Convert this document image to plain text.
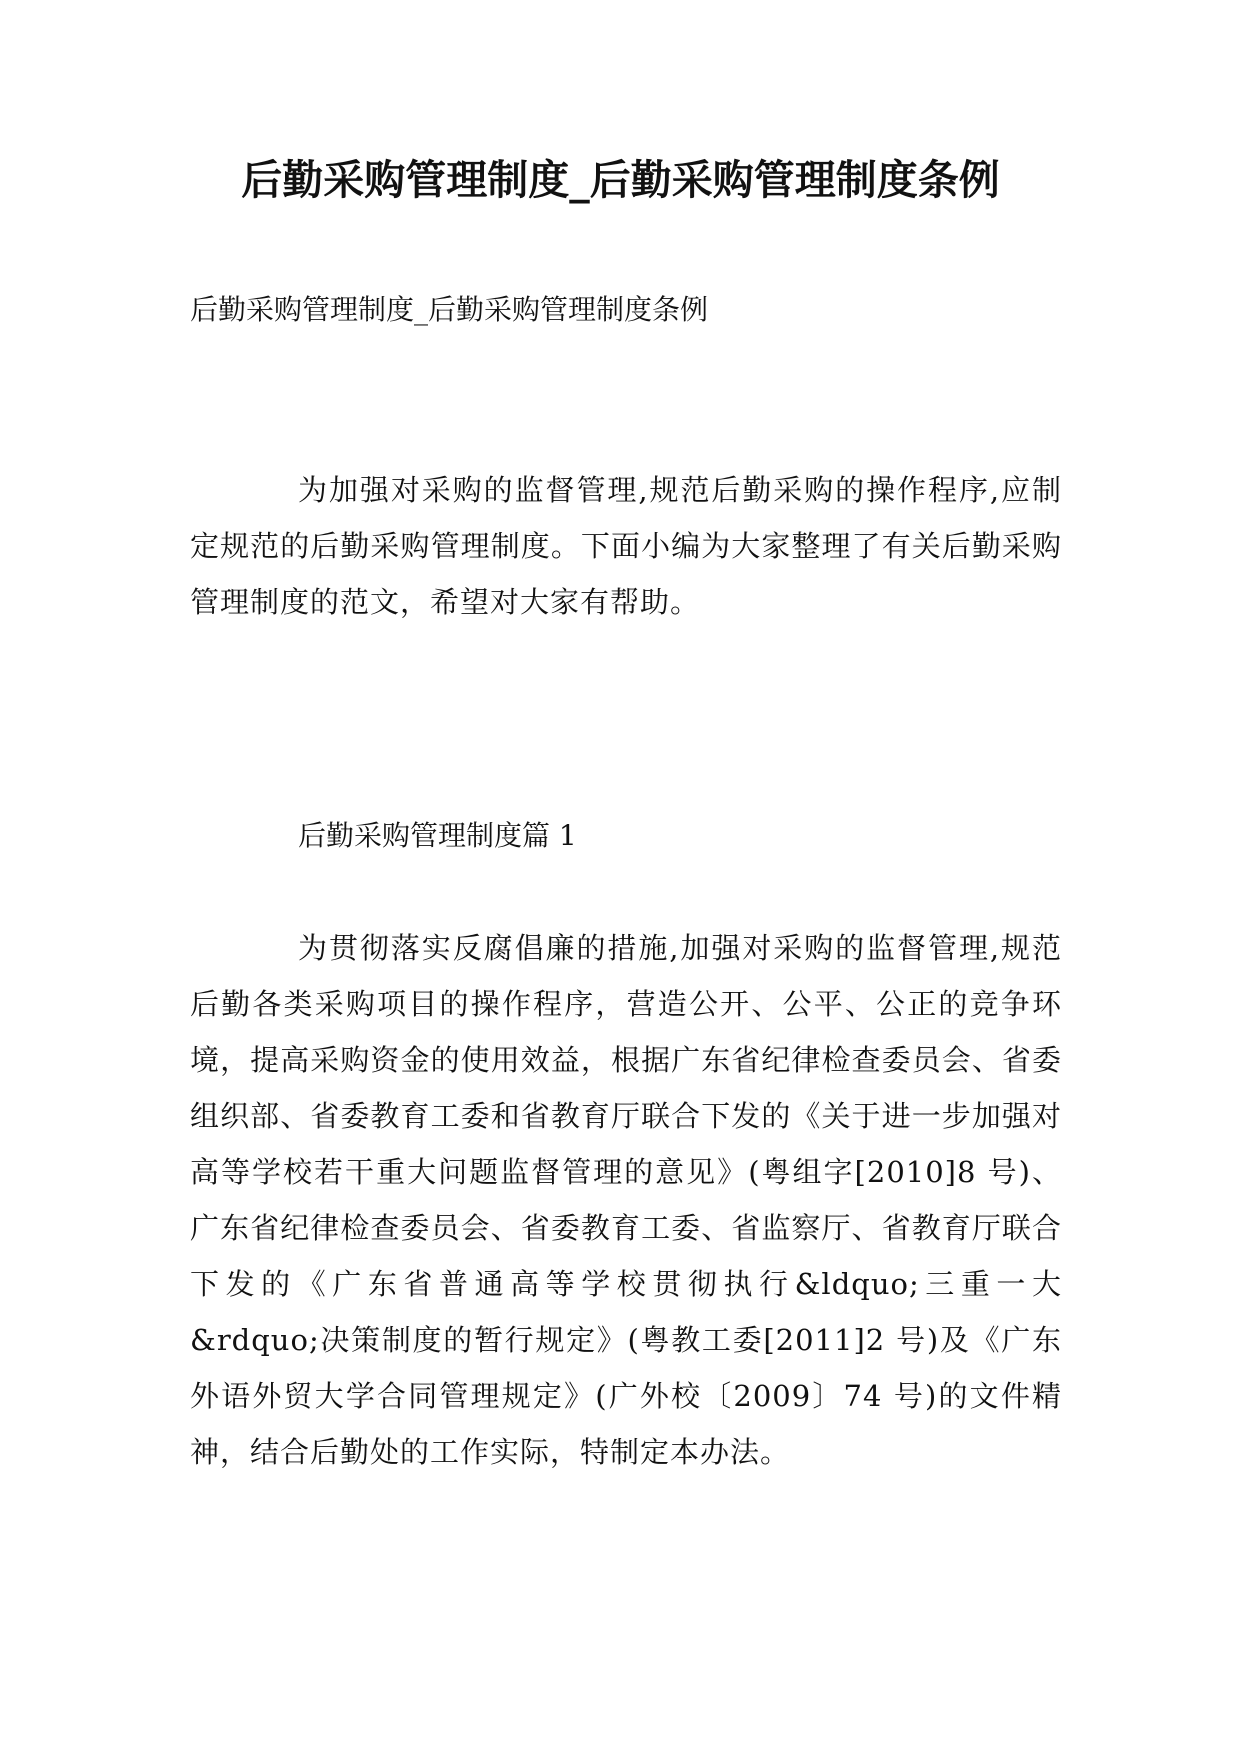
后勤采购管理制度_后勤采购管理制度条例

后勤采购管理制度_后勤采购管理制度条例

为加强对采购的监督管理,规范后勤采购的操作程序,应制定规范的后勤采购管理制度。下面小编为大家整理了有关后勤采购管理制度的范文，希望对大家有帮助。

后勤采购管理制度篇 1

为贯彻落实反腐倡廉的措施,加强对采购的监督管理,规范后勤各类采购项目的操作程序，营造公开、公平、公正的竞争环境，提高采购资金的使用效益，根据广东省纪律检查委员会、省委组织部、省委教育工委和省教育厅联合下发的《关于进一步加强对高等学校若干重大问题监督管理的意见》(粤组字[2010]8 号)、广东省纪律检查委员会、省委教育工委、省监察厅、省教育厅联合下发的《广东省普通高等学校贯彻执行&ldquo;三重一大&rdquo;决策制度的暂行规定》(粤教工委[2011]2 号)及《广东外语外贸大学合同管理规定》(广外校〔2009〕74 号)的文件精神，结合后勤处的工作实际，特制定本办法。
